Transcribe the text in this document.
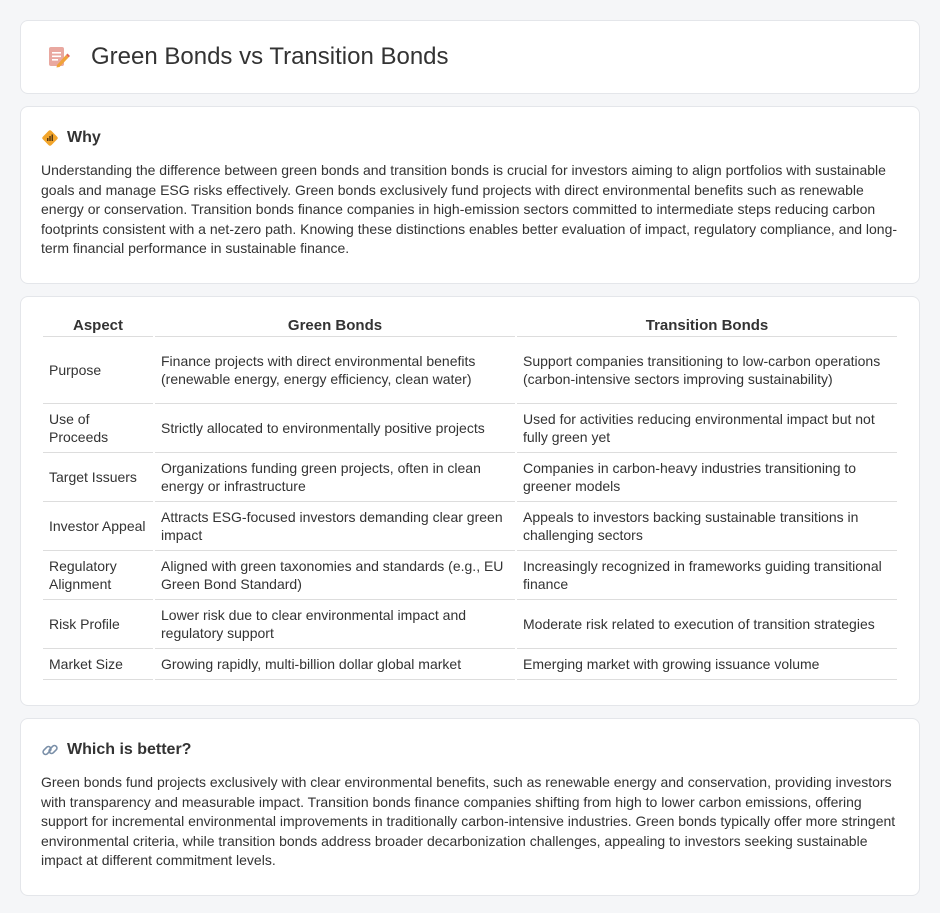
Green Bonds vs Transition Bonds
Why

Understanding the difference between green bonds and transition bonds is crucial for investors aiming to align portfolios with sustainable goals and manage ESG risks effectively. Green bonds exclusively fund projects with direct environmental benefits such as renewable energy or conservation. Transition bonds finance companies in high-emission sectors committed to intermediate steps reducing carbon footprints consistent with a net-zero path. Knowing these distinctions enables better evaluation of impact, regulatory compliance, and long-term financial performance in sustainable finance.

Aspect	Green Bonds	Transition Bonds
Purpose	Finance projects with direct environmental benefits (renewable energy, energy efficiency, clean water)	Support companies transitioning to low-carbon operations (carbon-intensive sectors improving sustainability)
Use of Proceeds	Strictly allocated to environmentally positive projects	Used for activities reducing environmental impact but not fully green yet
Target Issuers	Organizations funding green projects, often in clean energy or infrastructure	Companies in carbon-heavy industries transitioning to greener models
Investor Appeal	Attracts ESG-focused investors demanding clear green impact	Appeals to investors backing sustainable transitions in challenging sectors
Regulatory Alignment	Aligned with green taxonomies and standards (e.g., EU Green Bond Standard)	Increasingly recognized in frameworks guiding transitional finance
Risk Profile	Lower risk due to clear environmental impact and regulatory support	Moderate risk related to execution of transition strategies
Market Size	Growing rapidly, multi-billion dollar global market	Emerging market with growing issuance volume
Which is better?

Green bonds fund projects exclusively with clear environmental benefits, such as renewable energy and conservation, providing investors with transparency and measurable impact. Transition bonds finance companies shifting from high to lower carbon emissions, offering support for incremental environmental improvements in traditionally carbon-intensive industries. Green bonds typically offer more stringent environmental criteria, while transition bonds address broader decarbonization challenges, appealing to investors seeking sustainable impact at different commitment levels.
